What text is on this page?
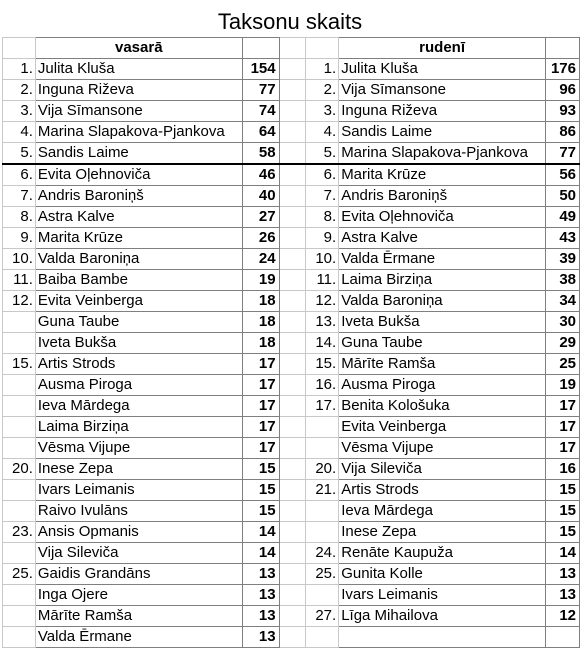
Taksonu skaits
	vasarā				rudenī	
1.	Julita Kluša	154		1.	Julita Kluša	176
2.	Inguna Riževa	77		2.	Vija Sīmansone	96
3.	Vija Sīmansone	74		3.	Inguna Riževa	93
4.	Marina Slapakova-Pjankova	64		4.	Sandis Laime	86
5.	Sandis Laime	58		5.	Marina Slapakova-Pjankova	77
6.	Evita Oļehnoviča	46		6.	Marita Krūze	56
7.	Andris Baroniņš	40		7.	Andris Baroniņš	50
8.	Astra Kalve	27		8.	Evita Oļehnoviča	49
9.	Marita Krūze	26		9.	Astra Kalve	43
10.	Valda Baroniņa	24		10.	Valda Ērmane	39
11.	Baiba Bambe	19		11.	Laima Birziņa	38
12.	Evita Veinberga	18		12.	Valda Baroniņa	34
	Guna Taube	18		13.	Iveta Bukša	30
	Iveta Bukša	18		14.	Guna Taube	29
15.	Artis Strods	17		15.	Mārīte Ramša	25
	Ausma Piroga	17		16.	Ausma Piroga	19
	Ieva Mārdega	17		17.	Benita Kološuka	17
	Laima Birziņa	17			Evita Veinberga	17
	Vēsma Vijupe	17			Vēsma Vijupe	17
20.	Inese Zepa	15		20.	Vija Sileviča	16
	Ivars Leimanis	15		21.	Artis Strods	15
	Raivo Ivulāns	15			Ieva Mārdega	15
23.	Ansis Opmanis	14			Inese Zepa	15
	Vija Sileviča	14		24.	Renāte Kaupuža	14
25.	Gaidis Grandāns	13		25.	Gunita Kolle	13
	Inga Ojere	13			Ivars Leimanis	13
	Mārīte Ramša	13		27.	Līga Mihailova	12
	Valda Ērmane	13				
